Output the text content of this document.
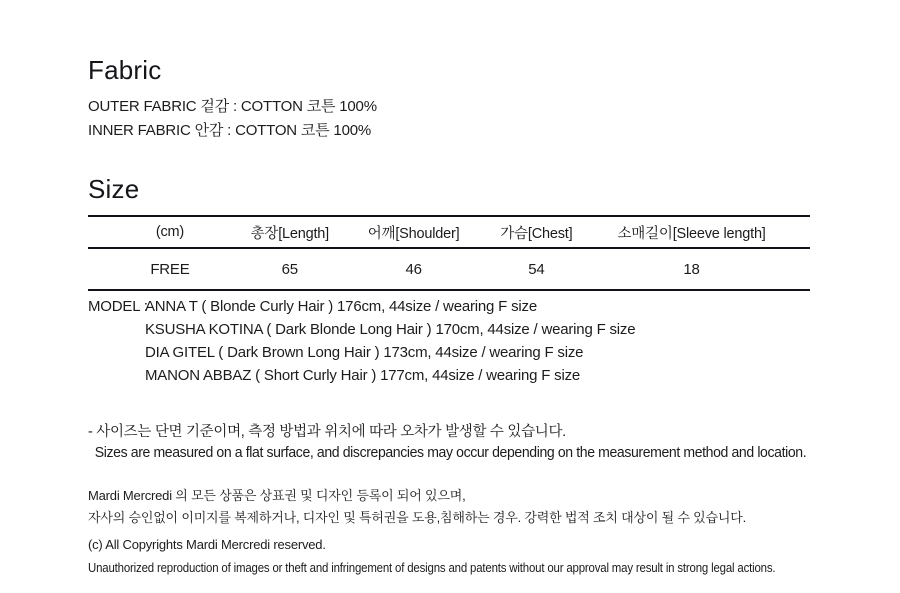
Fabric

OUTER FABRIC 겉감 : COTTON 코튼 100%

INNER FABRIC 안감 : COTTON 코튼 100%

Size
(cm)	총장[Length]	어깨[Shoulder]	가슴[Chest]	소매길이[Sleeve length]
FREE	65	46	54	18

MODEL :ANNA T ( Blonde Curly Hair ) 176cm, 44size / wearing F size

KSUSHA KOTINA ( Dark Blonde Long Hair ) 170cm, 44size / wearing F size

DIA GITEL ( Dark Brown Long Hair ) 173cm, 44size / wearing F size

MANON ABBAZ ( Short Curly Hair ) 177cm, 44size / wearing F size

- 사이즈는 단면 기준이며, 측정 방법과 위치에 따라 오차가 발생할 수 있습니다.

Sizes are measured on a flat surface, and discrepancies may occur depending on the measurement method and location.

Mardi Mercredi 의 모든 상품은 상표권 및 디자인 등록이 되어 있으며,

자사의 승인없이 이미지를 복제하거나, 디자인 및 특허권을 도용,침해하는 경우. 강력한 법적 조치 대상이 될 수 있습니다.

(c) All Copyrights Mardi Mercredi reserved.

Unauthorized reproduction of images or theft and infringement of designs and patents without our approval may result in strong legal actions.
